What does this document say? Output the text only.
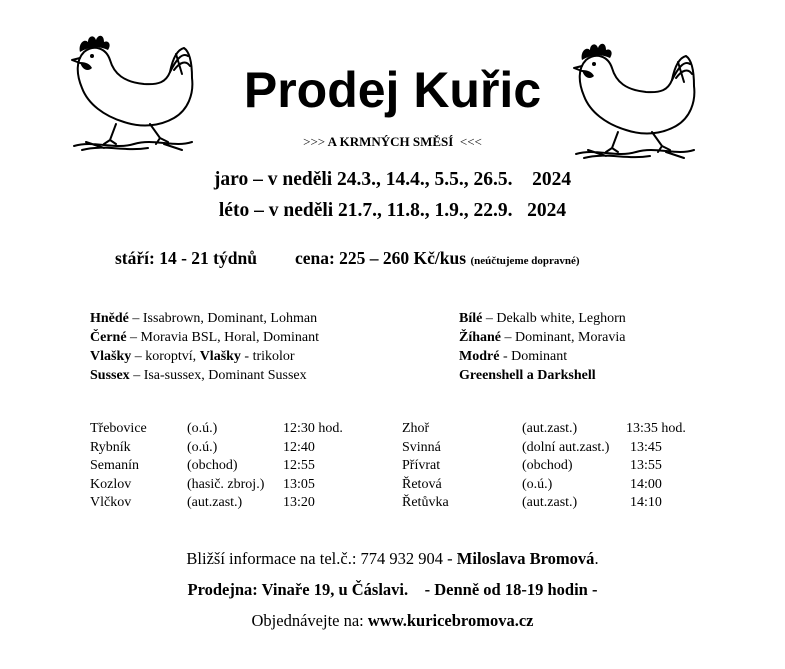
Prodej Kuřic
>>> A KRMNÝCH SMĚSÍ <<<
jaro – v neděli 24.3., 14.4., 5.5., 26.5. 2024
léto – v neděli 21.7., 11.8., 1.9., 22.9. 2024
stáří: 14 - 21 týdnů cena: 225 – 260 Kč/kus (neúčtujeme dopravné)
Hnědé – Issabrown, Dominant, Lohman
Černé – Moravia BSL, Horal, Dominant
Vlašky – koroptví, Vlašky - trikolor
Sussex – Isa-sussex, Dominant Sussex
Bílé – Dekalb white, Leghorn
Žíhané – Dominant, Moravia
Modré - Dominant
Greenshell a Darkshell
Třebovice	(o.ú.)	12:30 hod.
Rybník	(o.ú.)	12:40
Semanín	(obchod)	12:55
Kozlov	(hasič. zbroj.)	13:05
Vlčkov	(aut.zast.)	13:20
Zhoř	(aut.zast.)	13:35 hod.
Svinná	(dolní aut.zast.)	13:45
Přívrat	(obchod)	13:55
Řetová	(o.ú.)	14:00
Řetůvka	(aut.zast.)	14:10
Bližší informace na tel.č.: 774 932 904 - Miloslava Bromová.
Prodejna: Vinaře 19, u Čáslavi. - Denně od 18-19 hodin -
Objednávejte na: www.kuricebromova.cz
